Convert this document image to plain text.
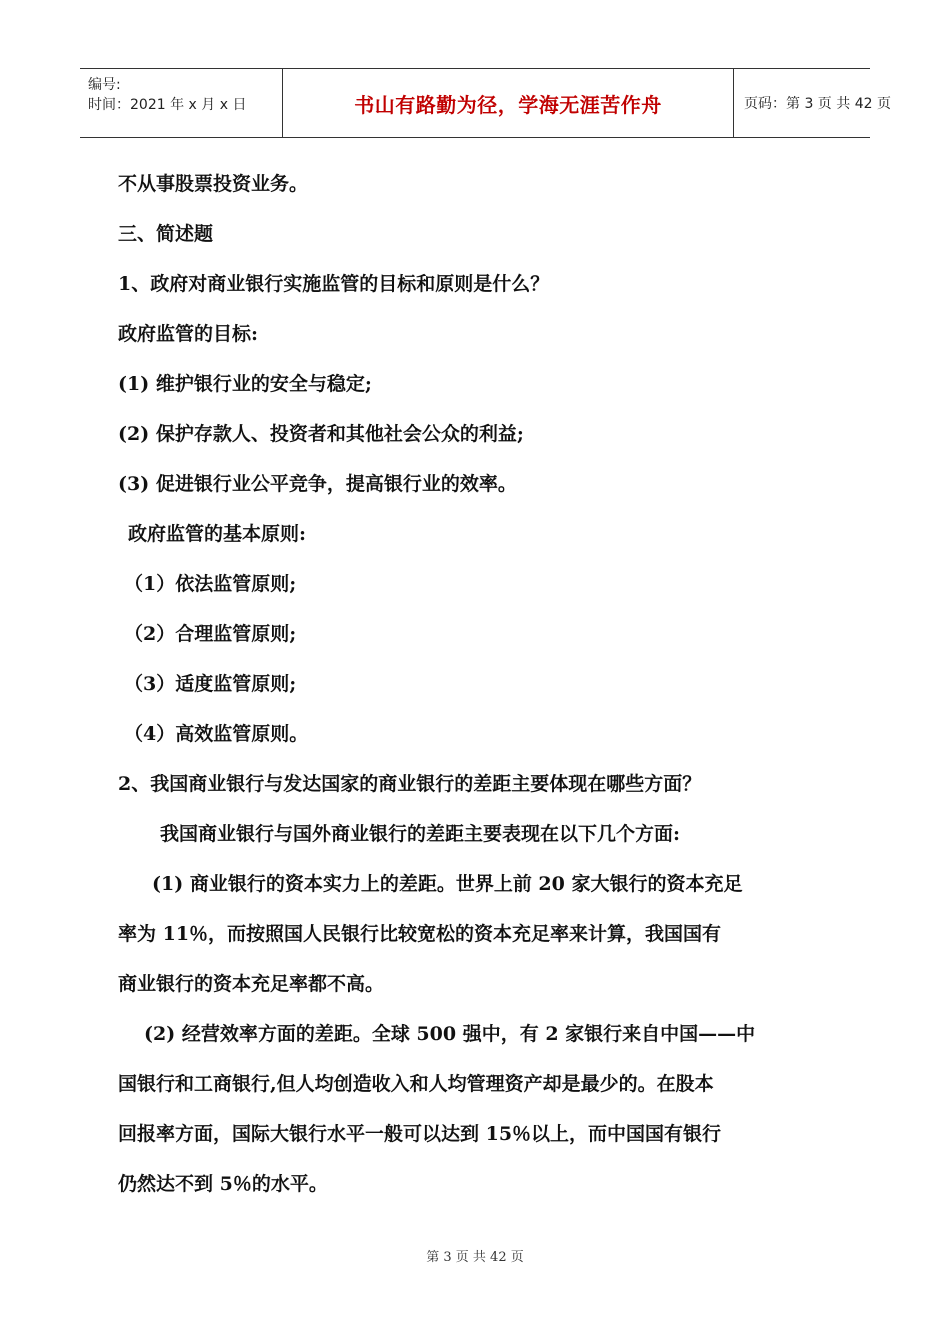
编号:
时间：2021 年 x 月 x 日	书山有路勤为径，学海无涯苦作舟	页码：第 3 页 共 42 页
不从事股票投资业务。
三、简述题
1、政府对商业银行实施监管的目标和原则是什么？
政府监管的目标:
(1) 维护银行业的安全与稳定;
(2) 保护存款人、投资者和其他社会公众的利益;
(3) 促进银行业公平竞争，提高银行业的效率。
政府监管的基本原则:
（1）依法监管原则;
（2）合理监管原则;
（3）适度监管原则;
（4）高效监管原则。
2、我国商业银行与发达国家的商业银行的差距主要体现在哪些方面？
我国商业银行与国外商业银行的差距主要表现在以下几个方面:
(1) 商业银行的资本实力上的差距。世界上前 20 家大银行的资本充足
率为 11％，而按照国人民银行比较宽松的资本充足率来计算，我国国有
商业银行的资本充足率都不高。
(2) 经营效率方面的差距。全球 500 强中，有 2 家银行来自中国——中
国银行和工商银行,但人均创造收入和人均管理资产却是最少的。在股本
回报率方面，国际大银行水平一般可以达到 15％以上，而中国国有银行
仍然达不到 5％的水平。
第 3 页 共 42 页
